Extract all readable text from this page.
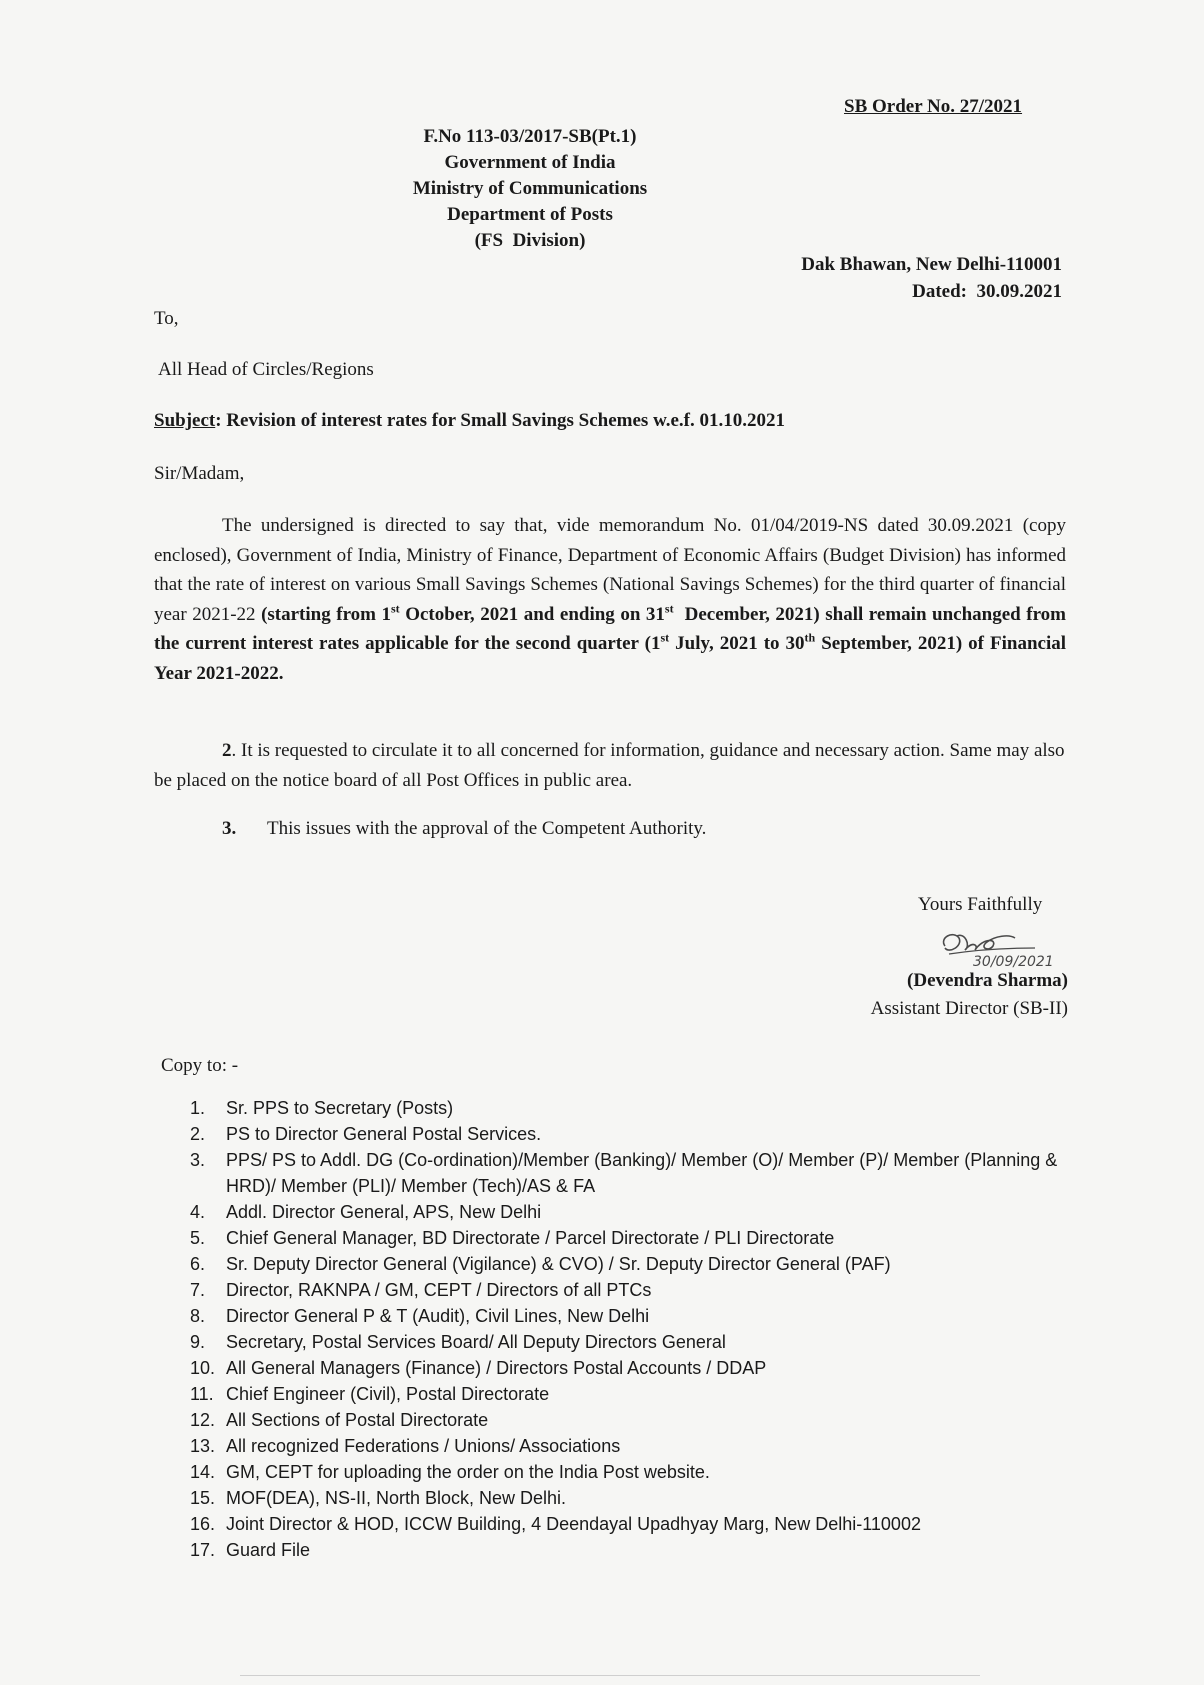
SB Order No. 27/2021
F.No 113-03/2017-SB(Pt.1)
Government of India
Ministry of Communications
Department of Posts
(FS  Division)
Dak Bhawan, New Delhi-110001
Dated:  30.09.2021
To,
All Head of Circles/Regions
Subject: Revision of interest rates for Small Savings Schemes w.e.f. 01.10.2021
Sir/Madam,
The undersigned is directed to say that, vide memorandum No. 01/04/2019-NS dated 30.09.2021 (copy enclosed), Government of India, Ministry of Finance, Department of Economic Affairs (Budget Division) has informed that the rate of interest on various Small Savings Schemes (National Savings Schemes) for the third quarter of financial year 2021-22 (starting from 1st October, 2021 and ending on 31st  December, 2021) shall remain unchanged from the current interest rates applicable for the second quarter (1st July, 2021 to 30th September, 2021) of Financial Year 2021-2022.
2. It is requested to circulate it to all concerned for information, guidance and necessary action. Same may also be placed on the notice board of all Post Offices in public area.
3. This issues with the approval of the Competent Authority.
Yours Faithfully
30/09/2021
(Devendra Sharma)
Assistant Director (SB-II)
Copy to: -
1.	Sr. PPS to Secretary (Posts)
2.	PS to Director General Postal Services.
3.	PPS/ PS to Addl. DG (Co-ordination)/Member (Banking)/ Member (O)/ Member (P)/ Member (Planning & HRD)/ Member (PLI)/ Member (Tech)/AS & FA
4.	Addl. Director General, APS, New Delhi
5.	Chief General Manager, BD Directorate / Parcel Directorate / PLI Directorate
6.	Sr. Deputy Director General (Vigilance) & CVO) / Sr. Deputy Director General (PAF)
7.	Director, RAKNPA / GM, CEPT / Directors of all PTCs
8.	Director General P & T (Audit), Civil Lines, New Delhi
9.	Secretary, Postal Services Board/ All Deputy Directors General
10. All General Managers (Finance) / Directors Postal Accounts / DDAP
11. Chief Engineer (Civil), Postal Directorate
12. All Sections of Postal Directorate
13. All recognized Federations / Unions/ Associations
14. GM, CEPT for uploading the order on the India Post website.
15. MOF(DEA), NS-II, North Block, New Delhi.
16. Joint Director & HOD, ICCW Building, 4 Deendayal Upadhyay Marg, New Delhi-110002
17. Guard File
